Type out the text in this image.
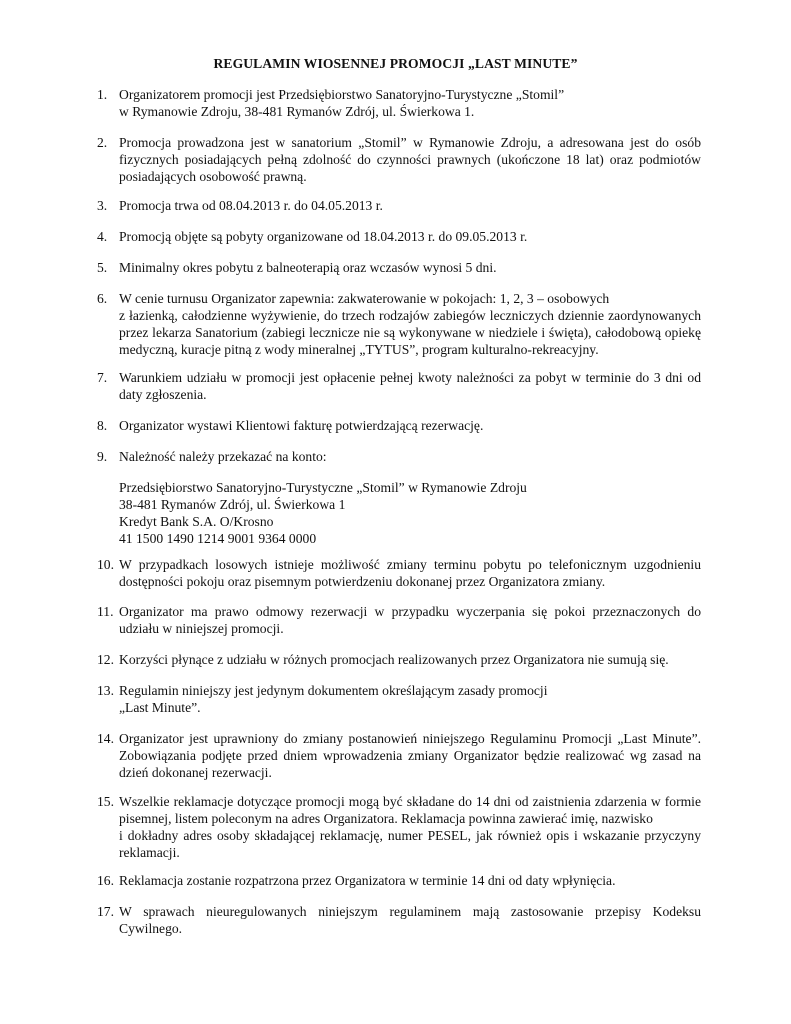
REGULAMIN WIOSENNEJ PROMOCJI „LAST MINUTE”
1. Organizatorem promocji jest Przedsiębiorstwo Sanatoryjno-Turystyczne „Stomil”
w Rymanowie Zdroju, 38-481 Rymanów Zdrój, ul. Świerkowa 1.
2. Promocja prowadzona jest w sanatorium „Stomil” w Rymanowie Zdroju, a adresowana jest do osób
fizycznych posiadających pełną zdolność do czynności prawnych (ukończone 18 lat) oraz podmiotów
posiadających osobowość prawną.
3. Promocja trwa od 08.04.2013 r. do 04.05.2013 r.
4. Promocją objęte są pobyty organizowane od 18.04.2013 r. do 09.05.2013 r.
5. Minimalny okres pobytu z balneoterapią oraz wczasów wynosi 5 dni.
6. W cenie turnusu Organizator zapewnia: zakwaterowanie w pokojach: 1, 2, 3 – osobowych
z łazienką, całodzienne wyżywienie, do trzech rodzajów zabiegów leczniczych dziennie zaordynowanych
przez lekarza Sanatorium (zabiegi lecznicze nie są wykonywane w niedziele i święta), całodobową opiekę
medyczną, kuracje pitną z wody mineralnej „TYTUS”, program kulturalno-rekreacyjny.
7. Warunkiem udziału w promocji jest opłacenie pełnej kwoty należności za pobyt w terminie do 3 dni od
daty zgłoszenia.
8. Organizator wystawi Klientowi fakturę potwierdzającą rezerwację.
9. Należność należy przekazać na konto:
Przedsiębiorstwo Sanatoryjno-Turystyczne „Stomil” w Rymanowie Zdroju
38-481 Rymanów Zdrój, ul. Świerkowa 1
Kredyt Bank S.A. O/Krosno
41 1500 1490 1214 9001 9364 0000
10. W przypadkach losowych istnieje możliwość zmiany terminu pobytu po telefonicznym uzgodnieniu
dostępności pokoju oraz pisemnym potwierdzeniu dokonanej przez Organizatora zmiany.
11. Organizator ma prawo odmowy rezerwacji w przypadku wyczerpania się pokoi przeznaczonych do
udziału w niniejszej promocji.
12. Korzyści płynące z udziału w różnych promocjach realizowanych przez Organizatora nie sumują się.
13. Regulamin niniejszy jest jedynym dokumentem określającym zasady promocji
„Last Minute”.
14. Organizator jest uprawniony do zmiany postanowień niniejszego Regulaminu Promocji „Last Minute”.
Zobowiązania podjęte przed dniem wprowadzenia zmiany Organizator będzie realizować wg zasad na
dzień dokonanej rezerwacji.
15. Wszelkie reklamacje dotyczące promocji mogą być składane do 14 dni od zaistnienia zdarzenia w formie
pisemnej, listem poleconym na adres Organizatora. Reklamacja powinna zawierać imię, nazwisko
i dokładny adres osoby składającej reklamację, numer PESEL, jak również opis i wskazanie przyczyny
reklamacji.
16. Reklamacja zostanie rozpatrzona przez Organizatora w terminie 14 dni od daty wpłynięcia.
17. W sprawach nieuregulowanych niniejszym regulaminem mają zastosowanie przepisy Kodeksu
Cywilnego.
